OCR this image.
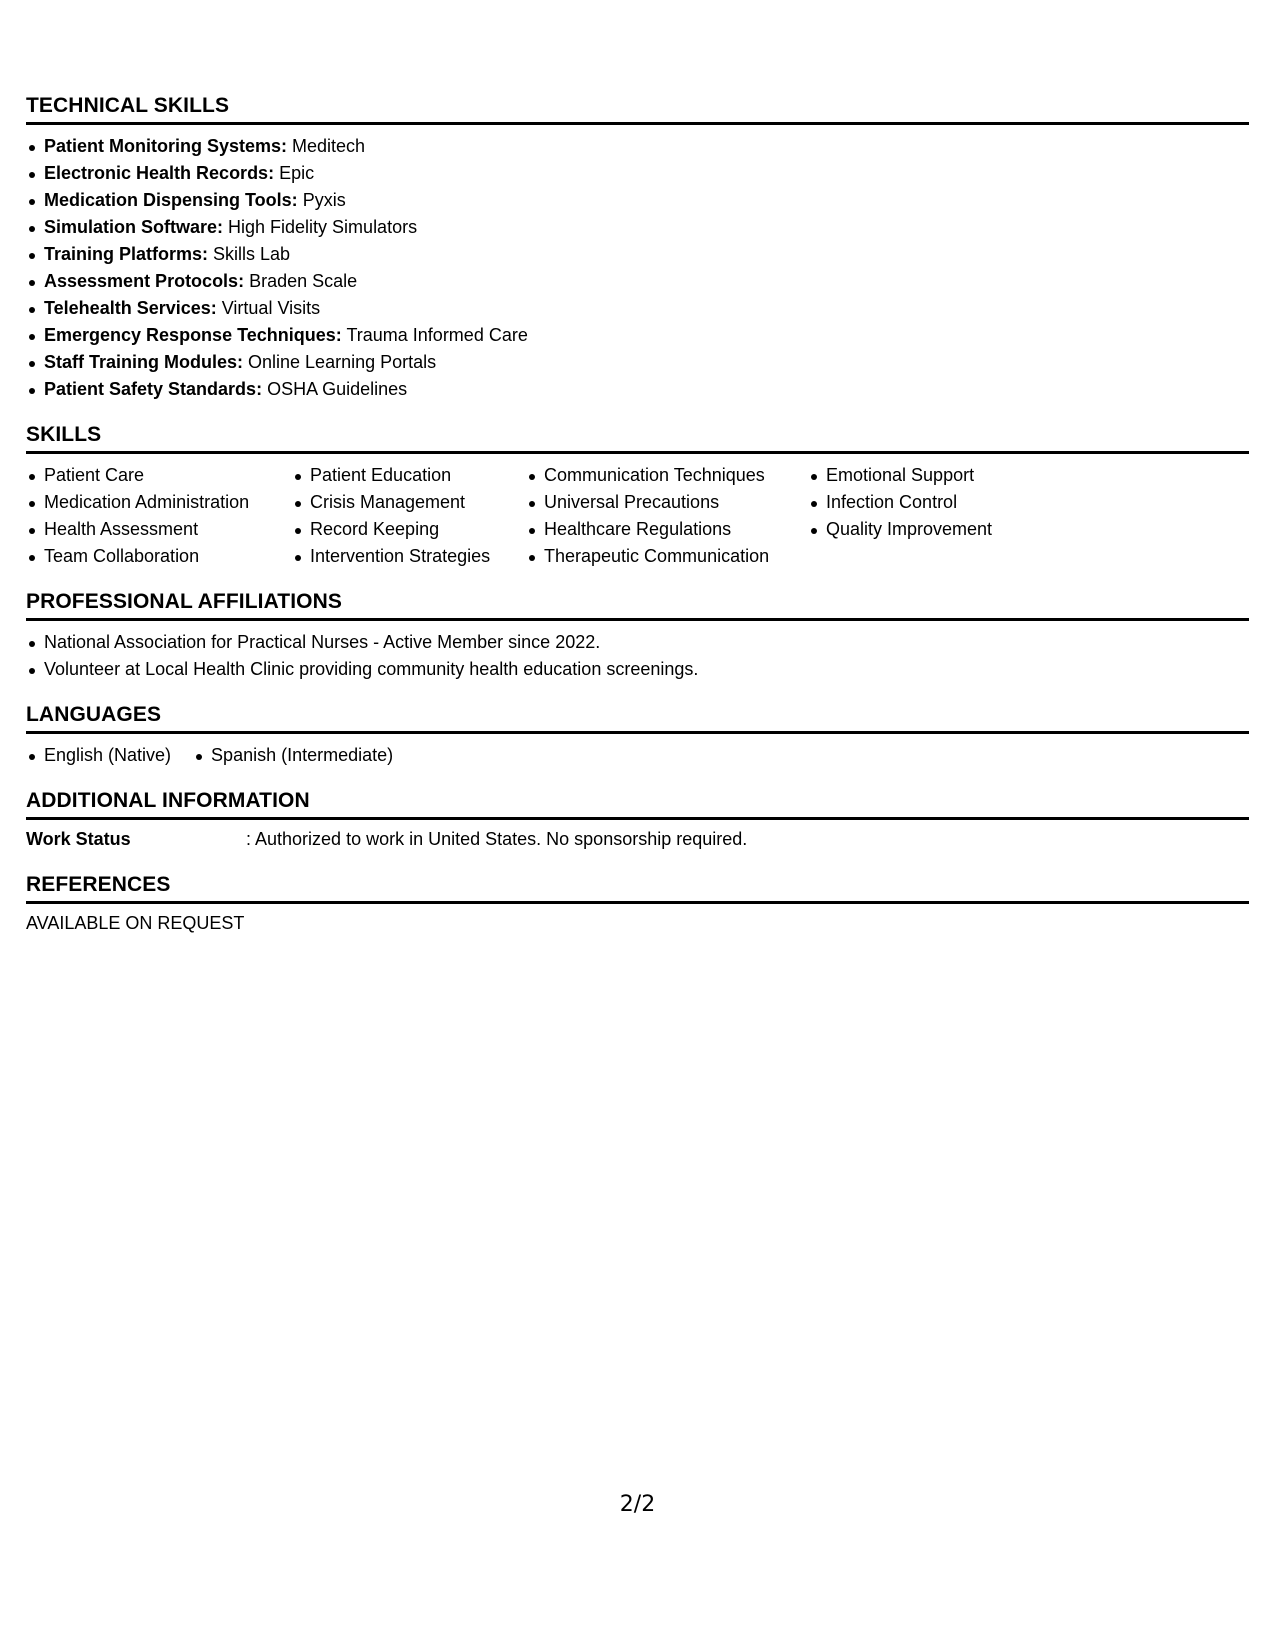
TECHNICAL SKILLS
Patient Monitoring Systems: Meditech
Electronic Health Records: Epic
Medication Dispensing Tools: Pyxis
Simulation Software: High Fidelity Simulators
Training Platforms: Skills Lab
Assessment Protocols: Braden Scale
Telehealth Services: Virtual Visits
Emergency Response Techniques: Trauma Informed Care
Staff Training Modules: Online Learning Portals
Patient Safety Standards: OSHA Guidelines
SKILLS
Patient Care
Medication Administration
Health Assessment
Team Collaboration
Patient Education
Crisis Management
Record Keeping
Intervention Strategies
Communication Techniques
Universal Precautions
Healthcare Regulations
Therapeutic Communication
Emotional Support
Infection Control
Quality Improvement
PROFESSIONAL AFFILIATIONS
National Association for Practical Nurses - Active Member since 2022.
Volunteer at Local Health Clinic providing community health education screenings.
LANGUAGES
English (Native)	Spanish (Intermediate)
ADDITIONAL INFORMATION
Work Status	: Authorized to work in United States. No sponsorship required.
REFERENCES
AVAILABLE ON REQUEST
2/2
